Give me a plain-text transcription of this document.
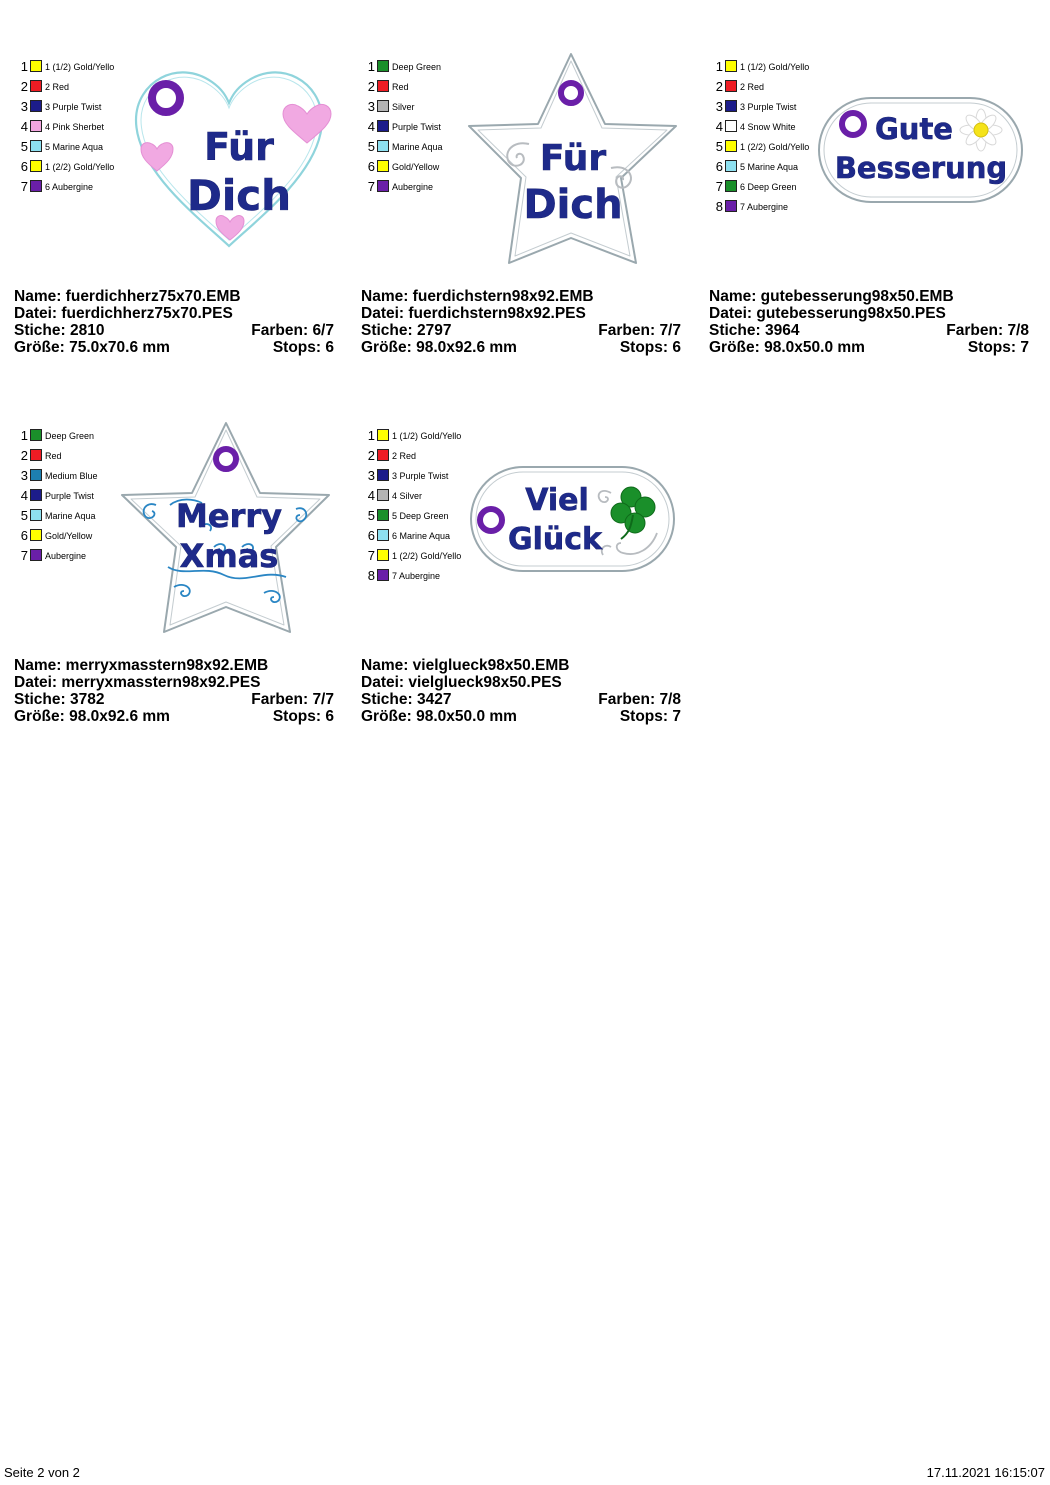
1 1 (1/2) Gold/Yello
2 2 Red
3 3 Purple Twist
4 4 Pink Sherbet
5 5 Marine Aqua
6 1 (2/2) Gold/Yello
7 6 Aubergine
Für
Dich
Name: fuerdichherz75x70.EMB
Datei: fuerdichherz75x70.PES
Stiche: 2810	Farben: 6/7
Größe: 75.0x70.6 mm	Stops: 6
1 Deep Green
2 Red
3 Silver
4 Purple Twist
5 Marine Aqua
6 Gold/Yellow
7 Aubergine
Für
Dich
Name: fuerdichstern98x92.EMB
Datei: fuerdichstern98x92.PES
Stiche: 2797	Farben: 7/7
Größe: 98.0x92.6 mm	Stops: 6
1 1 (1/2) Gold/Yello
2 2 Red
3 3 Purple Twist
4 4 Snow White
5 1 (2/2) Gold/Yello
6 5 Marine Aqua
7 6 Deep Green
8 7 Aubergine
Gute
Besserung
Name: gutebesserung98x50.EMB
Datei: gutebesserung98x50.PES
Stiche: 3964	Farben: 7/8
Größe: 98.0x50.0 mm	Stops: 7
1 Deep Green
2 Red
3 Medium Blue
4 Purple Twist
5 Marine Aqua
6 Gold/Yellow
7 Aubergine
Merry
Xmas
Name: merryxmasstern98x92.EMB
Datei: merryxmasstern98x92.PES
Stiche: 3782	Farben: 7/7
Größe: 98.0x92.6 mm	Stops: 6
1 1 (1/2) Gold/Yello
2 2 Red
3 3 Purple Twist
4 4 Silver
5 5 Deep Green
6 6 Marine Aqua
7 1 (2/2) Gold/Yello
8 7 Aubergine
Viel
Glück
Name: vielglueck98x50.EMB
Datei: vielglueck98x50.PES
Stiche: 3427	Farben: 7/8
Größe: 98.0x50.0 mm	Stops: 7
Seite 2 von 2	17.11.2021 16:15:07
